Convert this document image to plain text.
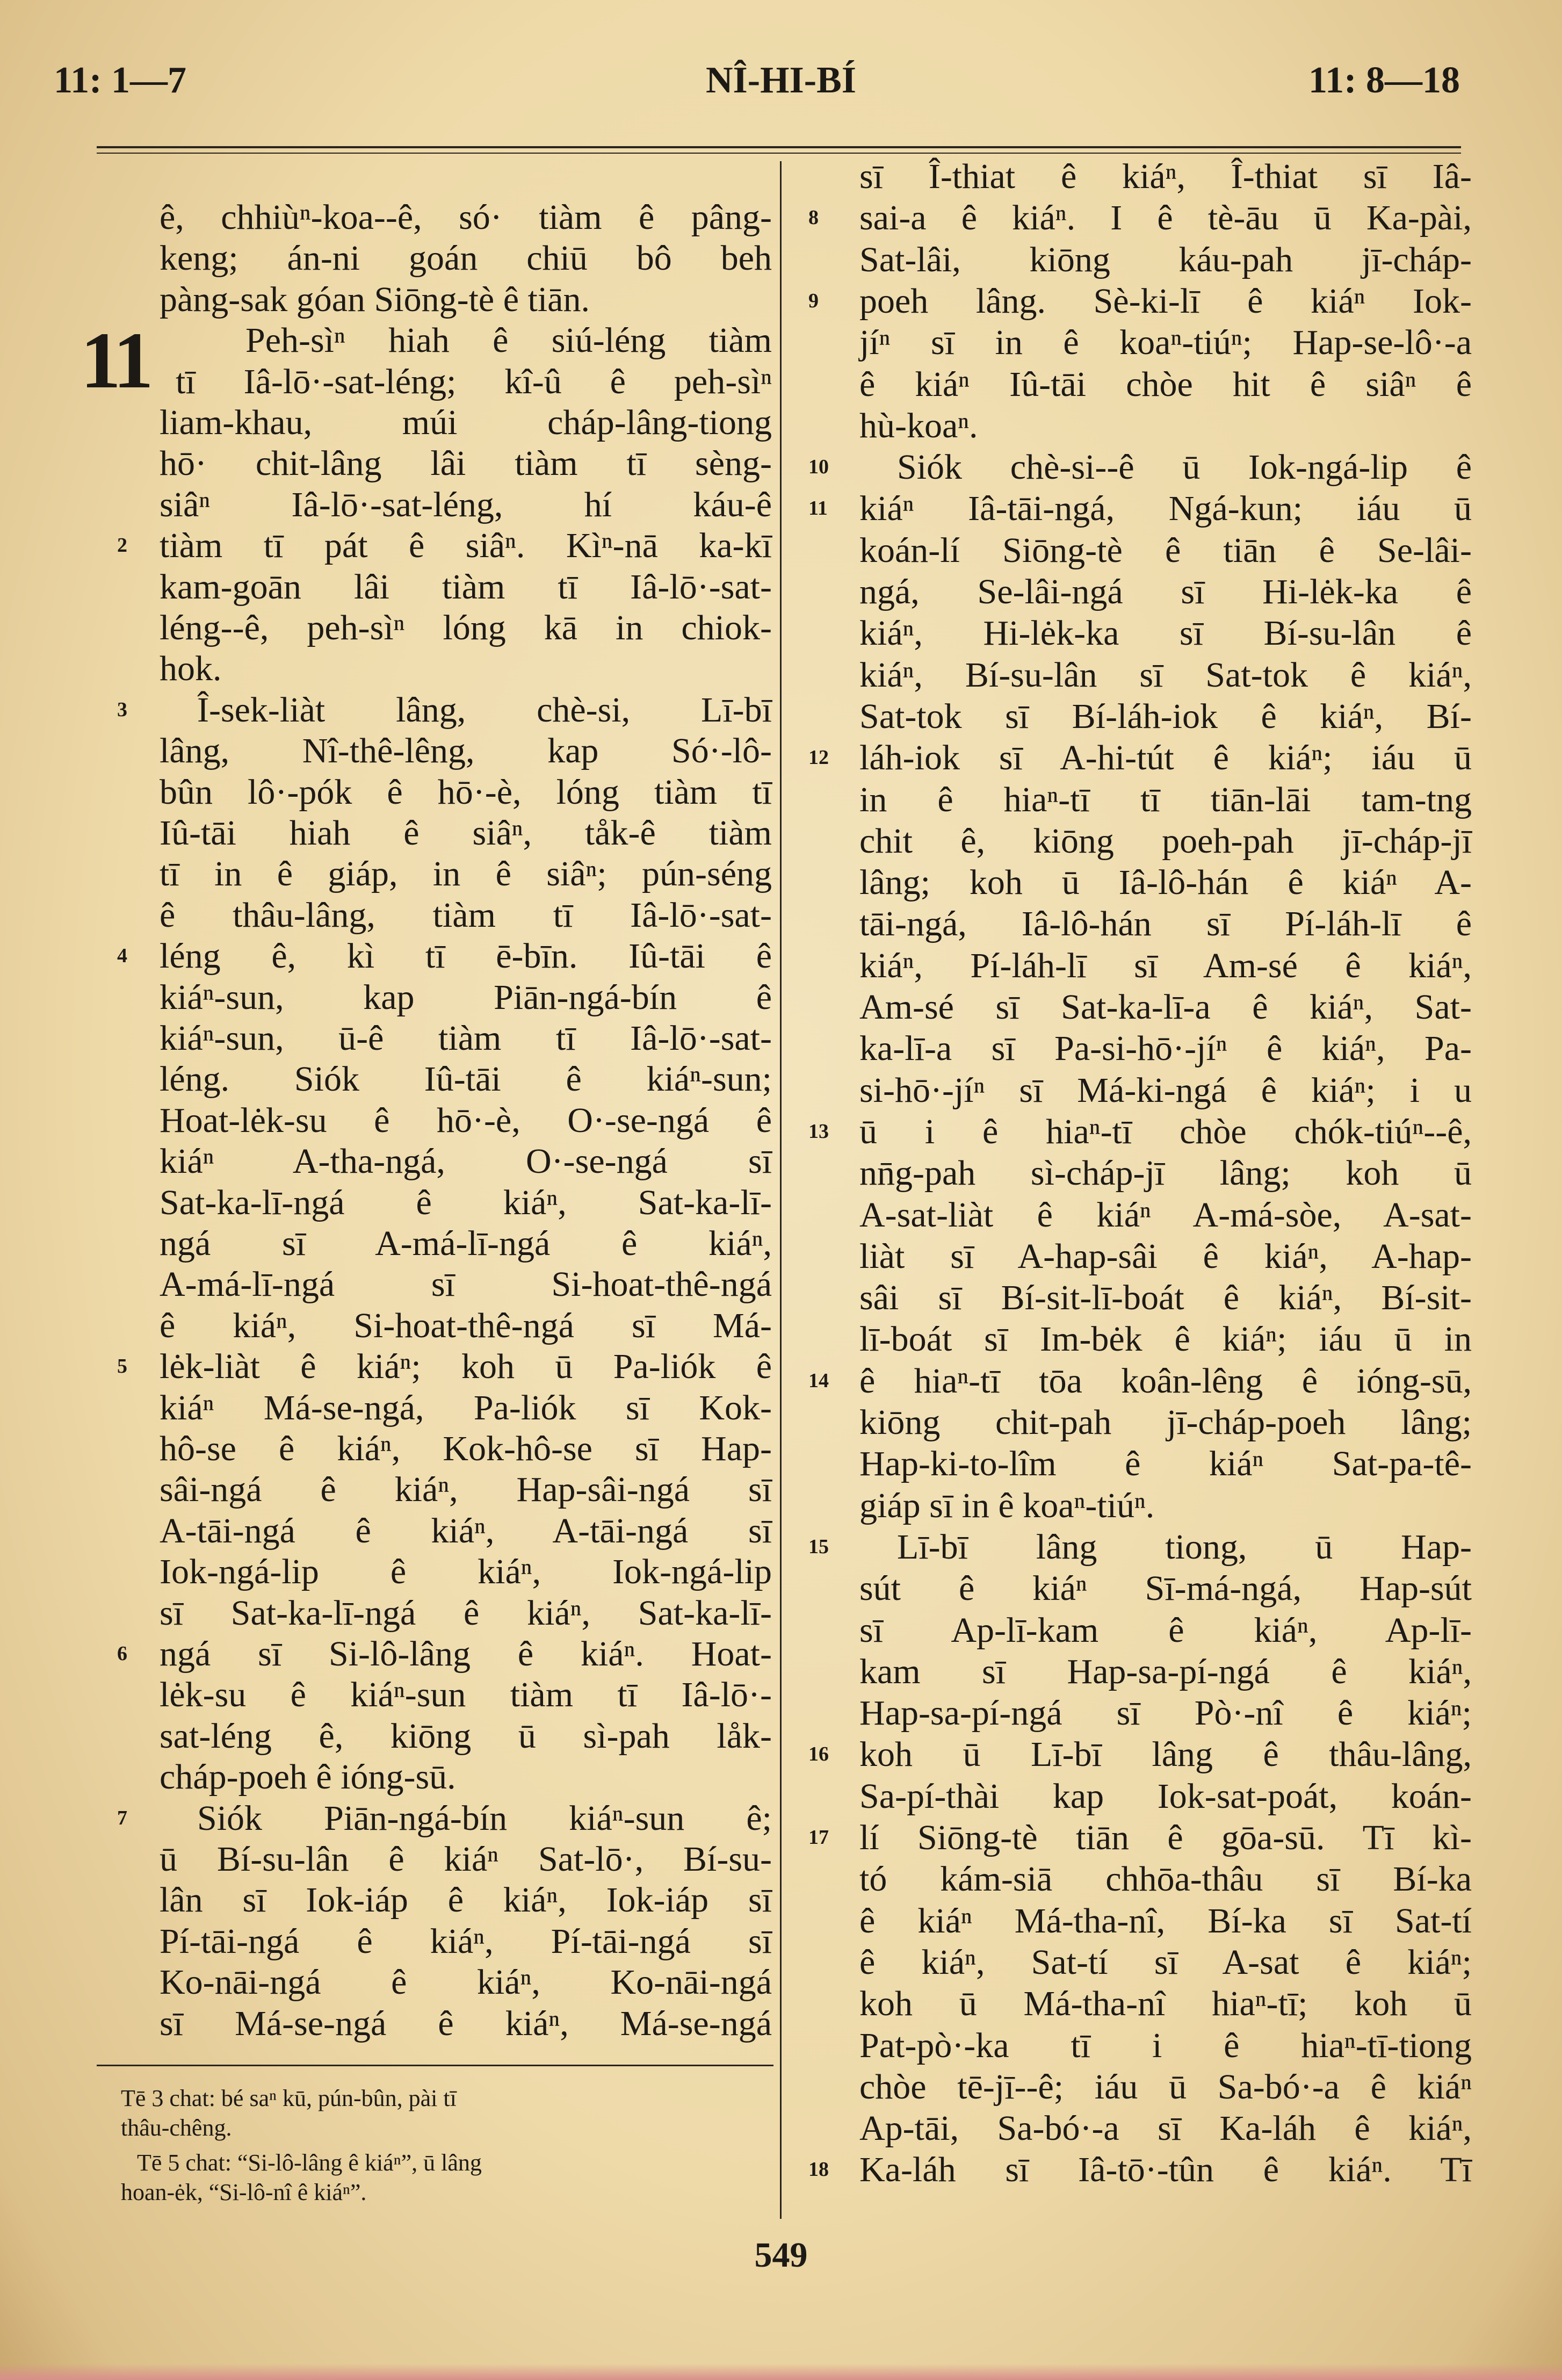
11: 1—7	NÎ-HI-BÍ	11: 8—18
11
ê, chhiùⁿ-koa--ê, só· tiàm ê pâng-
keng; án-ni goán chiū bô beh
pàng-sak góan Siōng-tè ê tiān.
Peh-sìⁿ hiah ê siú-léng tiàm
tī Iâ-lō·-sat-léng; kî-û ê peh-sìⁿ
liam-khau, múi cháp-lâng-tiong
hō· chit-lâng lâi tiàm tī sèng-
siâⁿ Iâ-lō·-sat-léng, hí káu-ê
tiàm tī pát ê siâⁿ. Kìⁿ-nā ka-kī
kam-goān lâi tiàm tī Iâ-lō·-sat-
léng--ê, peh-sìⁿ lóng kā in chiok-
hok.
Î-sek-liàt lâng, chè-si, Lī-bī
lâng, Nî-thê-lêng, kap Só·-lô-
bûn lô·-pók ê hō·-è, lóng tiàm tī
Iû-tāi hiah ê siâⁿ, tåk-ê tiàm
tī in ê giáp, in ê siâⁿ; pún-séng
ê thâu-lâng, tiàm tī Iâ-lō·-sat-
léng ê, kì tī ē-bīn. Iû-tāi ê
kiáⁿ-sun, kap Piān-ngá-bín ê
kiáⁿ-sun, ū-ê tiàm tī Iâ-lō·-sat-
léng. Siók Iû-tāi ê kiáⁿ-sun;
Hoat-lėk-su ê hō·-è, O·-se-ngá ê
kiáⁿ A-tha-ngá, O·-se-ngá sī
Sat-ka-lī-ngá ê kiáⁿ, Sat-ka-lī-
ngá sī A-má-lī-ngá ê kiáⁿ,
A-má-lī-ngá sī Si-hoat-thê-ngá
ê kiáⁿ, Si-hoat-thê-ngá sī Má-
lėk-liàt ê kiáⁿ; koh ū Pa-liók ê
kiáⁿ Má-se-ngá, Pa-liók sī Kok-
hô-se ê kiáⁿ, Kok-hô-se sī Hap-
sâi-ngá ê kiáⁿ, Hap-sâi-ngá sī
A-tāi-ngá ê kiáⁿ, A-tāi-ngá sī
Iok-ngá-lip ê kiáⁿ, Iok-ngá-lip
sī Sat-ka-lī-ngá ê kiáⁿ, Sat-ka-lī-
ngá sī Si-lô-lâng ê kiáⁿ. Hoat-
lėk-su ê kiáⁿ-sun tiàm tī Iâ-lō·-
sat-léng ê, kiōng ū sì-pah låk-
cháp-poeh ê ióng-sū.
Siók Piān-ngá-bín kiáⁿ-sun ê;
ū Bí-su-lân ê kiáⁿ Sat-lō·, Bí-su-
lân sī Iok-iáp ê kiáⁿ, Iok-iáp sī
Pí-tāi-ngá ê kiáⁿ, Pí-tāi-ngá sī
Ko-nāi-ngá ê kiáⁿ, Ko-nāi-ngá
sī Má-se-ngá ê kiáⁿ, Má-se-ngá
2
3
4
5
6
7
sī Î-thiat ê kiáⁿ, Î-thiat sī Iâ-
sai-a ê kiáⁿ. I ê tè-āu ū Ka-pài,
Sat-lâi, kiōng káu-pah jī-cháp-
poeh lâng. Sè-ki-lī ê kiáⁿ Iok-
jíⁿ sī in ê koaⁿ-tiúⁿ; Hap-se-lô·-a
ê kiáⁿ Iû-tāi chòe hit ê siâⁿ ê
hù-koaⁿ.
Siók chè-si--ê ū Iok-ngá-lip ê
kiáⁿ Iâ-tāi-ngá, Ngá-kun; iáu ū
koán-lí Siōng-tè ê tiān ê Se-lâi-
ngá, Se-lâi-ngá sī Hi-lėk-ka ê
kiáⁿ, Hi-lėk-ka sī Bí-su-lân ê
kiáⁿ, Bí-su-lân sī Sat-tok ê kiáⁿ,
Sat-tok sī Bí-láh-iok ê kiáⁿ, Bí-
láh-iok sī A-hi-tút ê kiáⁿ; iáu ū
in ê hiaⁿ-tī tī tiān-lāi tam-tng
chit ê, kiōng poeh-pah jī-cháp-jī
lâng; koh ū Iâ-lô-hán ê kiáⁿ A-
tāi-ngá, Iâ-lô-hán sī Pí-láh-lī ê
kiáⁿ, Pí-láh-lī sī Am-sé ê kiáⁿ,
Am-sé sī Sat-ka-lī-a ê kiáⁿ, Sat-
ka-lī-a sī Pa-si-hō·-jíⁿ ê kiáⁿ, Pa-
si-hō·-jíⁿ sī Má-ki-ngá ê kiáⁿ; i u
ū i ê hiaⁿ-tī chòe chók-tiúⁿ--ê,
nn̄g-pah sì-cháp-jī lâng; koh ū
A-sat-liàt ê kiáⁿ A-má-sòe, A-sat-
liàt sī A-hap-sâi ê kiáⁿ, A-hap-
sâi sī Bí-sit-lī-boát ê kiáⁿ, Bí-sit-
lī-boát sī Im-bėk ê kiáⁿ; iáu ū in
ê hiaⁿ-tī tōa koân-lêng ê ióng-sū,
kiōng chit-pah jī-cháp-poeh lâng;
Hap-ki-to-lîm ê kiáⁿ Sat-pa-tê-
giáp sī in ê koaⁿ-tiúⁿ.
Lī-bī lâng tiong, ū Hap-
sút ê kiáⁿ Sī-má-ngá, Hap-sút
sī Ap-lī-kam ê kiáⁿ, Ap-lī-
kam sī Hap-sa-pí-ngá ê kiáⁿ,
Hap-sa-pí-ngá sī Pò·-nî ê kiáⁿ;
koh ū Lī-bī lâng ê thâu-lâng,
Sa-pí-thài kap Iok-sat-poát, koán-
lí Siōng-tè tiān ê gōa-sū. Tī kì-
tó kám-siā chhōa-thâu sī Bí-ka
ê kiáⁿ Má-tha-nî, Bí-ka sī Sat-tí
ê kiáⁿ, Sat-tí sī A-sat ê kiáⁿ;
koh ū Má-tha-nî hiaⁿ-tī; koh ū
Pat-pò·-ka tī i ê hiaⁿ-tī-tiong
chòe tē-jī--ê; iáu ū Sa-bó·-a ê kiáⁿ
Ap-tāi, Sa-bó·-a sī Ka-láh ê kiáⁿ,
Ka-láh sī Iâ-tō·-tûn ê kiáⁿ. Tī
8
9
10
11
12
13
14
15
16
17
18
Tē 3 chat: bé saⁿ kū, pún-bûn, pài tī
thâu-chêng.
Tē 5 chat: “Si-lô-lâng ê kiáⁿ”, ū lâng
hoan-ėk, “Si-lô-nî ê kiáⁿ”.
549
